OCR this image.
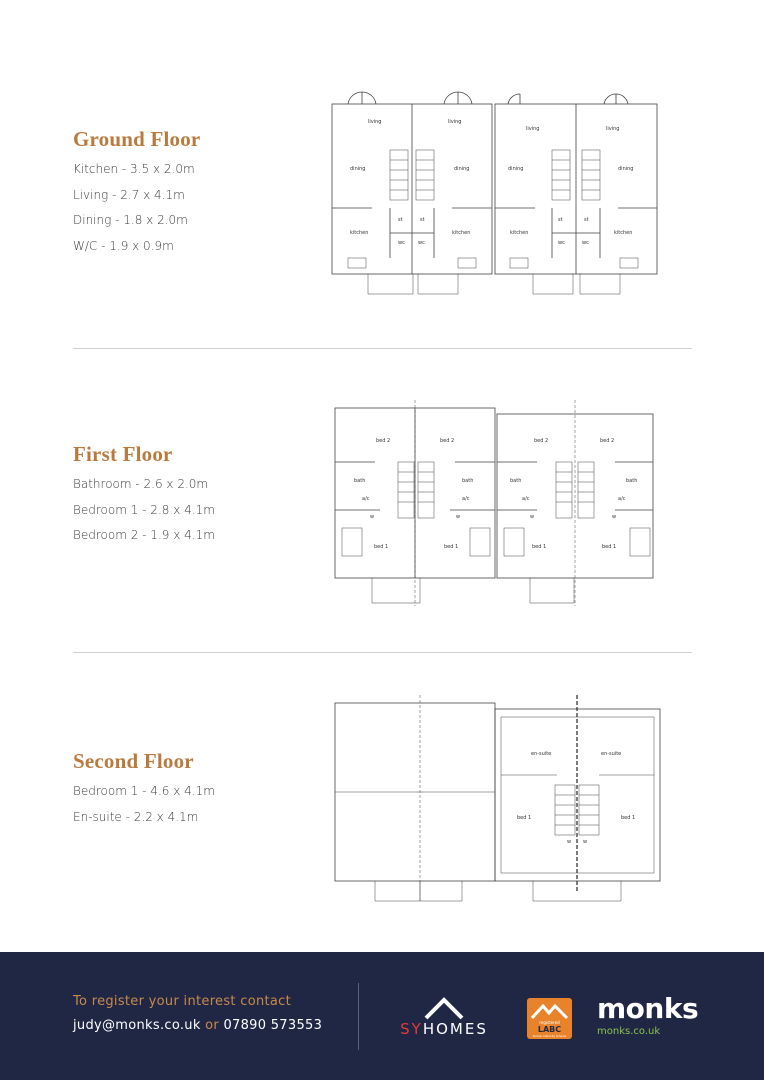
Ground Floor
Kitchen - 3.5 x 2.0m
Living - 2.7 x 4.1m
Dining - 1.8 x 2.0m
W/C - 1.9 x 0.9m
living	living
living	living
dining	dining	dining	dining
kitchen	kitchen	kitchen	kitchen
st	st	st	st
wc	wc	wc	wc
First Floor
Bathroom - 2.6 x 2.0m
Bedroom 1 - 2.8 x 4.1m
Bedroom 2 - 1.9 x 4.1m
bed 2	bed 2	bed 2	bed 2
bath	bath	bath	bath
a/c	a/c	a/c	a/c
bed 1	bed 1	bed 1	bed 1
w	w	w	w
Second Floor
Bedroom 1 - 4.6 x 4.1m
En-suite - 2.2 x 4.1m
en-suite	en-suite
bed 1	bed 1
w w
To register your interest contact
judy@monks.co.uk or 07890 573553	SYHOMES	registered
LABC
Partner Authority Scheme
monks
monks.co.uk
